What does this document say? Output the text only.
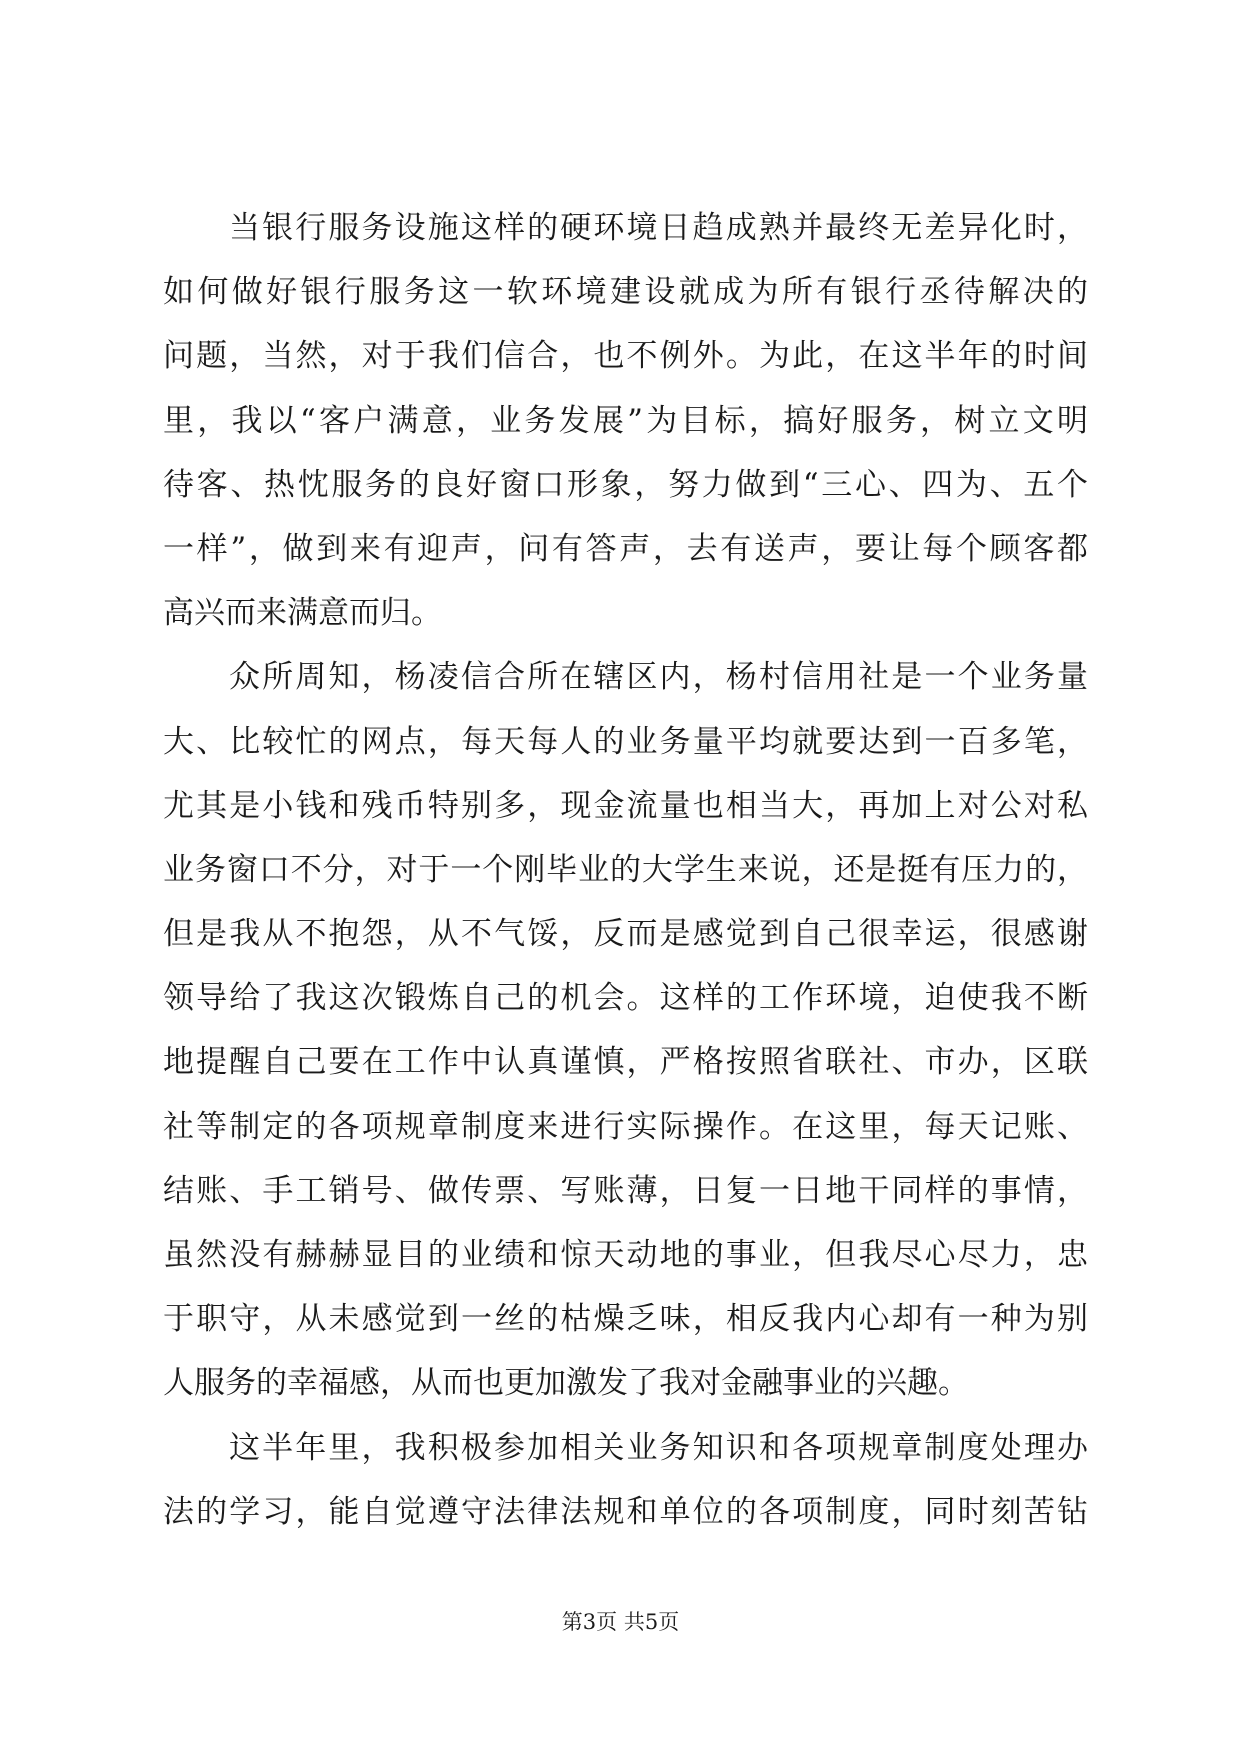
当银行服务设施这样的硬环境日趋成熟并最终无差异化时，
如何做好银行服务这一软环境建设就成为所有银行丞待解决的
问题，当然，对于我们信合，也不例外。为此，在这半年的时间
里，我以“客户满意，业务发展”为目标，搞好服务，树立文明
待客、热忱服务的良好窗口形象，努力做到“三心、四为、五个
一样”，做到来有迎声，问有答声，去有送声，要让每个顾客都
高兴而来满意而归。
众所周知，杨凌信合所在辖区内，杨村信用社是一个业务量
大、比较忙的网点，每天每人的业务量平均就要达到一百多笔，
尤其是小钱和残币特别多，现金流量也相当大，再加上对公对私
业务窗口不分，对于一个刚毕业的大学生来说，还是挺有压力的，
但是我从不抱怨，从不气馁，反而是感觉到自己很幸运，很感谢
领导给了我这次锻炼自己的机会。这样的工作环境，迫使我不断
地提醒自己要在工作中认真谨慎，严格按照省联社、市办，区联
社等制定的各项规章制度来进行实际操作。在这里，每天记账、
结账、手工销号、做传票、写账薄，日复一日地干同样的事情，
虽然没有赫赫显目的业绩和惊天动地的事业，但我尽心尽力，忠
于职守，从未感觉到一丝的枯燥乏味，相反我内心却有一种为别
人服务的幸福感，从而也更加激发了我对金融事业的兴趣。
这半年里，我积极参加相关业务知识和各项规章制度处理办
法的学习，能自觉遵守法律法规和单位的各项制度，同时刻苦钻
第3页 共5页
